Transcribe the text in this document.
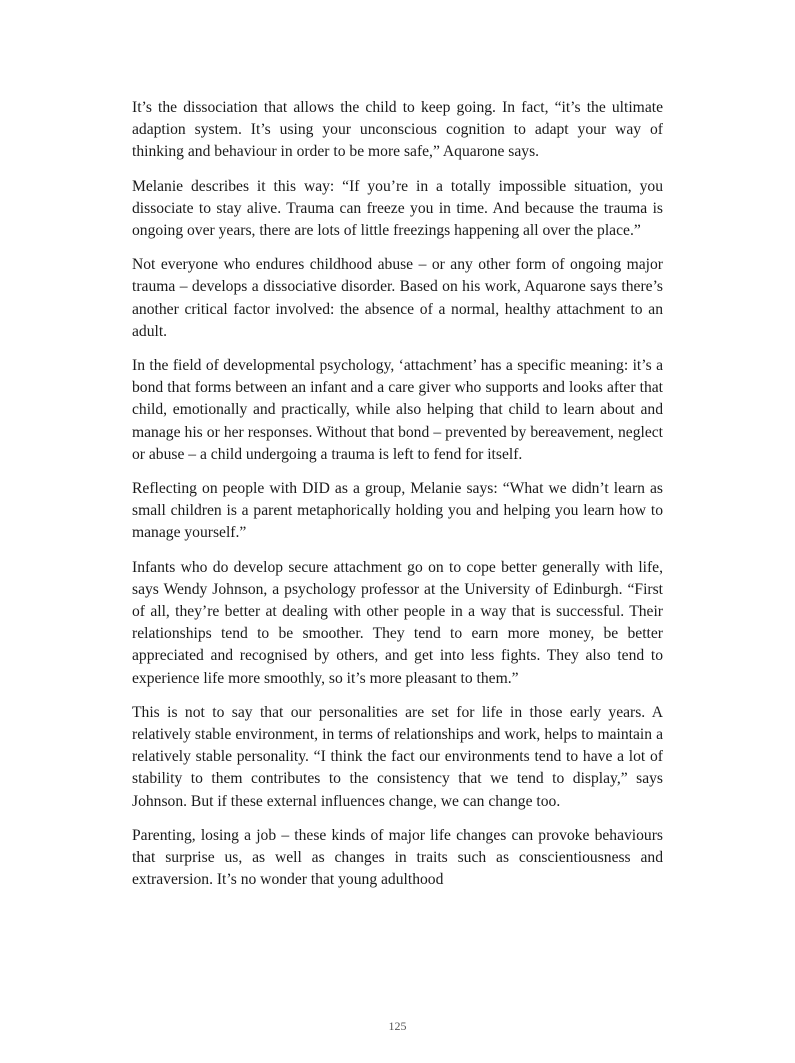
It’s the dissociation that allows the child to keep going. In fact, “it’s the ultimate adaption system. It’s using your unconscious cognition to adapt your way of thinking and behaviour in order to be more safe,” Aquarone says.

Melanie describes it this way: “If you’re in a totally impossible situation, you dissociate to stay alive. Trauma can freeze you in time. And because the trauma is ongoing over years, there are lots of little freezings happening all over the place.”

Not everyone who endures childhood abuse – or any other form of ongoing major trauma – develops a dissociative disorder. Based on his work, Aquarone says there’s another critical factor involved: the absence of a normal, healthy attachment to an adult.

In the field of developmental psychology, ‘attachment’ has a specific meaning: it’s a bond that forms between an infant and a care giver who supports and looks after that child, emotionally and practically, while also helping that child to learn about and manage his or her responses. Without that bond – prevented by bereavement, neglect or abuse – a child undergoing a trauma is left to fend for itself.

Reflecting on people with DID as a group, Melanie says: “What we didn’t learn as small children is a parent metaphorically holding you and helping you learn how to manage yourself.”

Infants who do develop secure attachment go on to cope better generally with life, says Wendy Johnson, a psychology professor at the University of Edinburgh. “First of all, they’re better at dealing with other people in a way that is successful. Their relationships tend to be smoother. They tend to earn more money, be better appreciated and recognised by others, and get into less fights. They also tend to experience life more smoothly, so it’s more pleasant to them.”

This is not to say that our personalities are set for life in those early years. A relatively stable environment, in terms of relationships and work, helps to maintain a relatively stable personality. “I think the fact our environments tend to have a lot of stability to them contributes to the consistency that we tend to display,” says Johnson. But if these external influences change, we can change too.

Parenting, losing a job – these kinds of major life changes can provoke behaviours that surprise us, as well as changes in traits such as conscientiousness and extraversion. It’s no wonder that young adulthood

125
